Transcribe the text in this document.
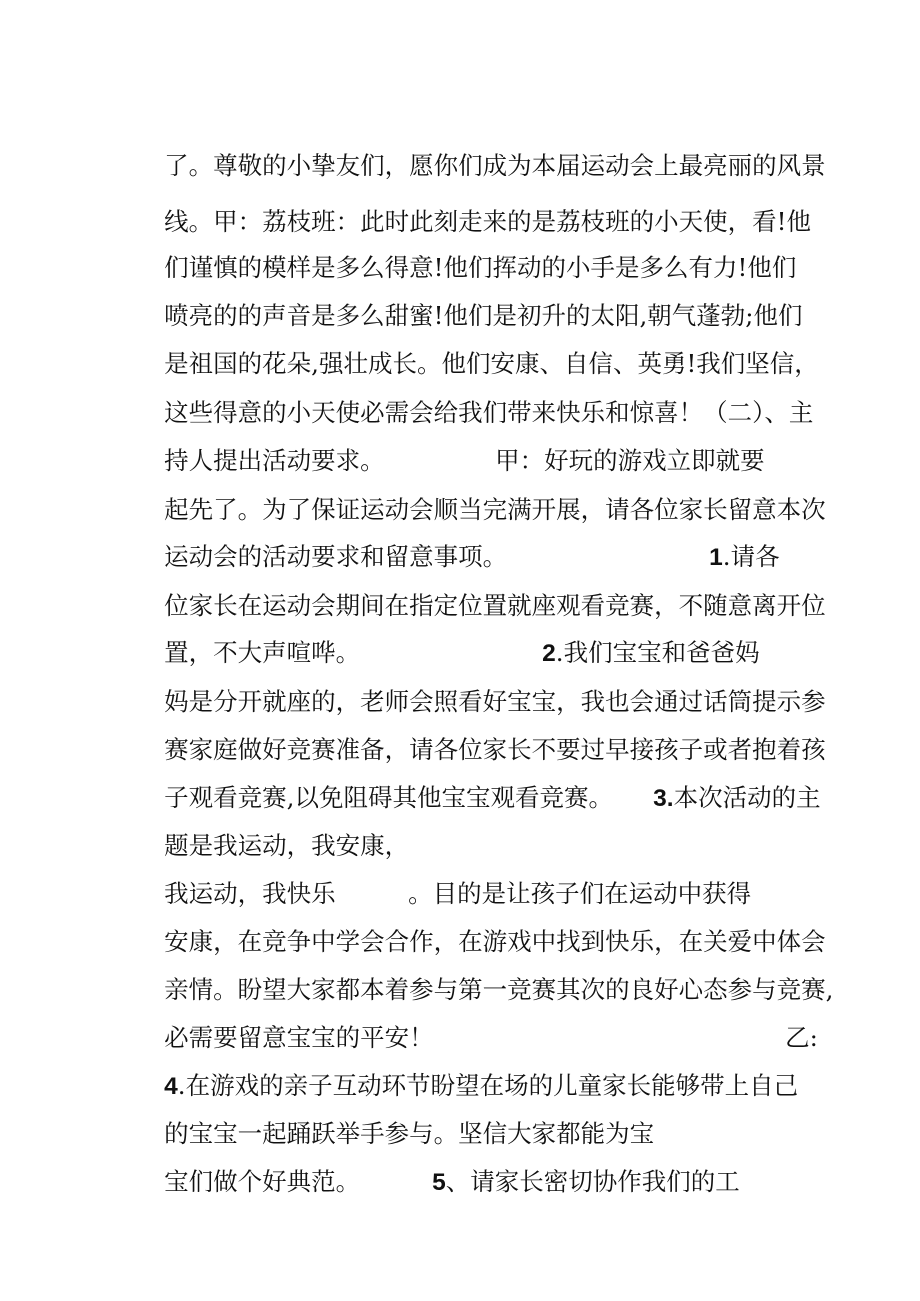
了。尊敬的小挚友们，愿你们成为本届运动会上最亮丽的风景

线。甲：荔枝班：此时此刻走来的是荔枝班的小天使，看!他

们谨慎的模样是多么得意!他们挥动的小手是多么有力!他们

喷亮的的声音是多么甜蜜!他们是初升的太阳,朝气蓬勃;他们

是祖国的花朵,强壮成长。他们安康、自信、英勇!我们坚信，

这些得意的小天使必需会给我们带来快乐和惊喜！（二）、主

持人提出活动要求。
	甲：好玩的游戏立即就要

起先了。为了保证运动会顺当完满开展，请各位家长留意本次

运动会的活动要求和留意事项。
	1.请各

位家长在运动会期间在指定位置就座观看竞赛，不随意离开位

置，不大声喧哗。
	2.我们宝宝和爸爸妈

妈是分开就座的，老师会照看好宝宝，我也会通过话筒提示参

赛家庭做好竞赛准备，请各位家长不要过早接孩子或者抱着孩

子观看竞赛,以免阻碍其他宝宝观看竞赛。
	3.本次活动的主

题是我运动，我安康，

我运动，我快乐
	。目的是让孩子们在运动中获得

安康，在竞争中学会合作，在游戏中找到快乐，在关爱中体会

亲情。盼望大家都本着参与第一竞赛其次的良好心态参与竞赛,

必需要留意宝宝的平安！
	乙:

4.在游戏的亲子互动环节盼望在场的儿童家长能够带上自己

的宝宝一起踊跃举手参与。坚信大家都能为宝

宝们做个好典范。
	5、请家长密切协作我们的工
